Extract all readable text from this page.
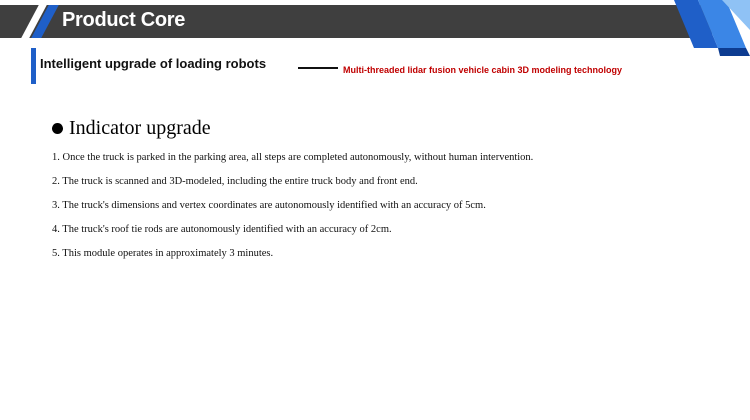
Product Core
Intelligent upgrade of loading robots	Multi-threaded lidar fusion vehicle cabin 3D modeling technology
Indicator upgrade
1. Once the truck is parked in the parking area, all steps are completed autonomously, without human intervention.
2. The truck is scanned and 3D-modeled, including the entire truck body and front end.
3. The truck's dimensions and vertex coordinates are autonomously identified with an accuracy of 5cm.
4. The truck's roof tie rods are autonomously identified with an accuracy of 2cm.
5. This module operates in approximately 3 minutes.
